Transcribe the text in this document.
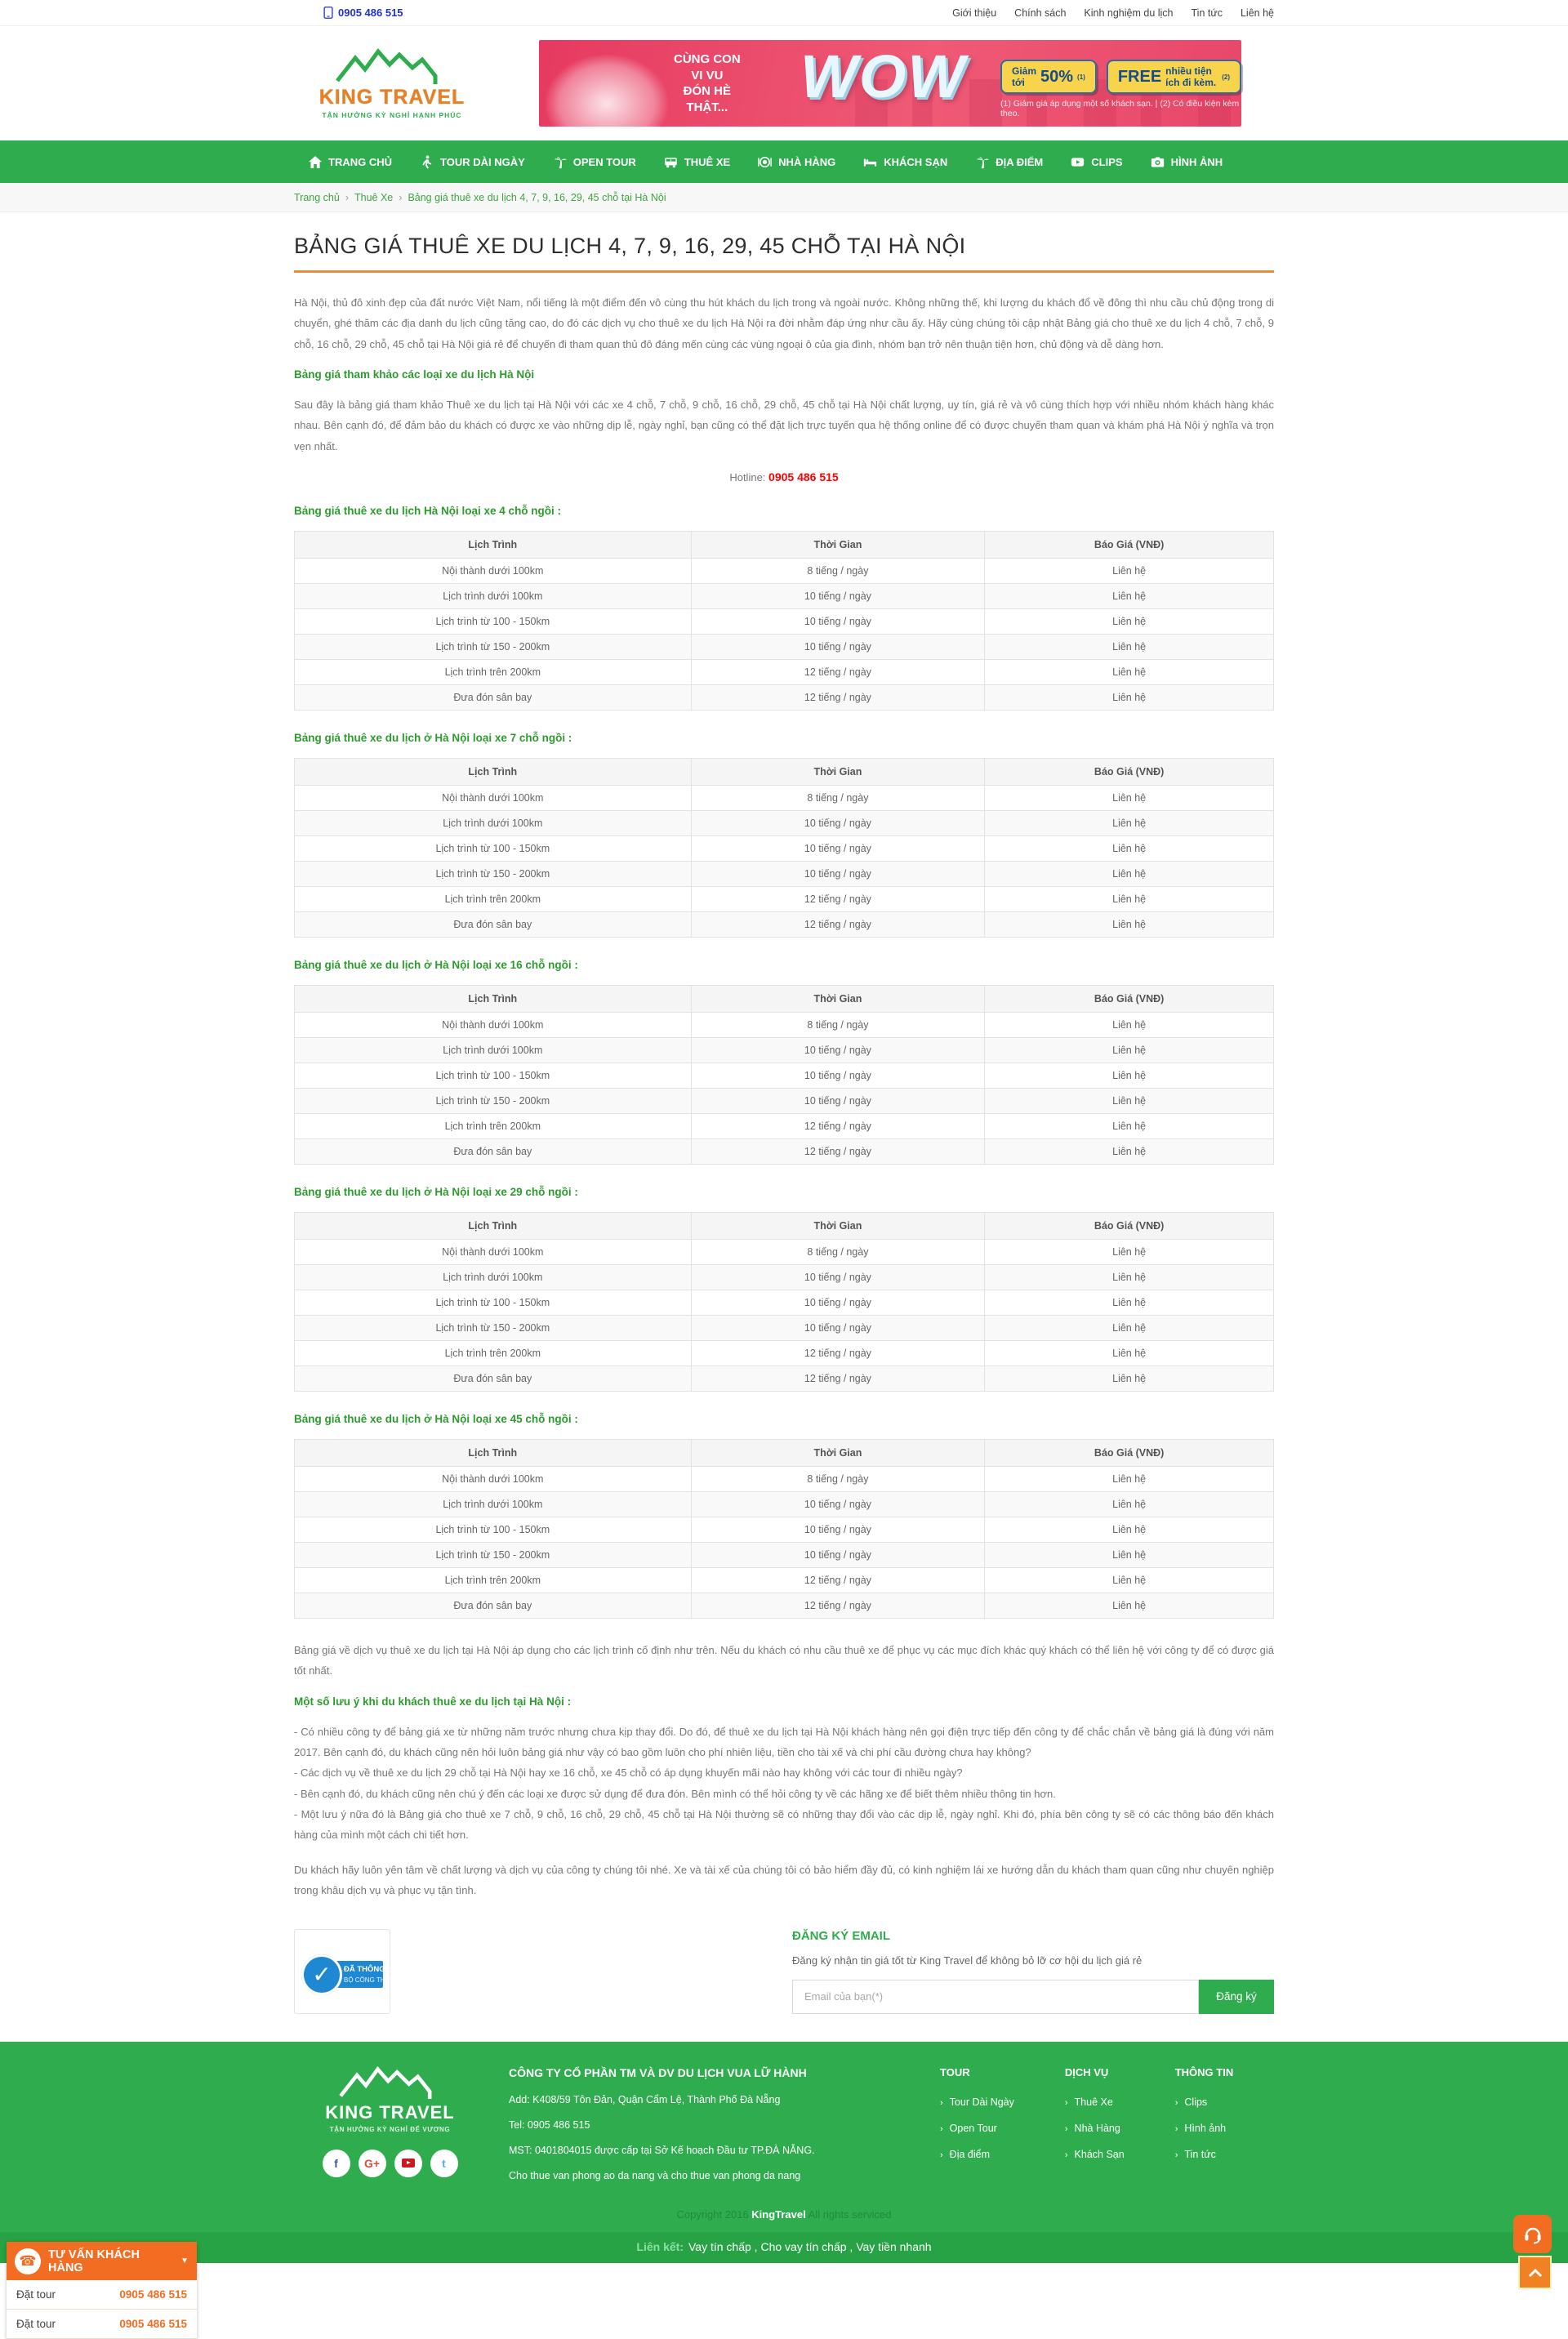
0905 486 515	Giới thiệu Chính sách Kinh nghiệm du lịch Tin tức Liên hệ
KING TRAVEL
TẬN HƯỞNG KỲ NGHỈ HẠNH PHÚC
CÙNG CON
VI VU
ĐÓN HÈ
THẬT... WOW	Giảm tới 50% (1) FREE nhiều tiện ích đi kèm. (2)
(1) Giảm giá áp dụng một số khách sạn. | (2) Có điều kiện kèm theo.
TRANG CHỦ	TOUR DÀI NGÀY	OPEN TOUR	THUÊ XE	NHÀ HÀNG	KHÁCH SẠN	ĐỊA ĐIỂM	CLIPS	HÌNH ẢNH
Trang chủ › Thuê Xe › Bảng giá thuê xe du lịch 4, 7, 9, 16, 29, 45 chỗ tại Hà Nội
BẢNG GIÁ THUÊ XE DU LỊCH 4, 7, 9, 16, 29, 45 CHỖ TẠI HÀ NỘI

Hà Nội, thủ đô xinh đẹp của đất nước Việt Nam, nổi tiếng là một điểm đến vô cùng thu hút khách du lịch trong và ngoài nước. Không những thế, khi lượng du khách đổ về đông thì nhu cầu chủ động trong di chuyển, ghé thăm các địa danh du lịch cũng tăng cao, do đó các dịch vụ cho thuê xe du lịch Hà Nội ra đời nhằm đáp ứng như cầu ấy. Hãy cùng chúng tôi cập nhật Bảng giá cho thuê xe du lịch 4 chỗ, 7 chỗ, 9 chỗ, 16 chỗ, 29 chỗ, 45 chỗ tại Hà Nội giá rẻ để chuyến đi tham quan thủ đô đáng mến cùng các vùng ngoại ô của gia đình, nhóm bạn trở nên thuận tiện hơn, chủ động và dễ dàng hơn.

Bảng giá tham khảo các loại xe du lịch Hà Nội

Sau đây là bảng giá tham khảo Thuê xe du lịch tại Hà Nội với các xe 4 chỗ, 7 chỗ, 9 chỗ, 16 chỗ, 29 chỗ, 45 chỗ tại Hà Nội chất lượng, uy tín, giá rẻ và vô cùng thích hợp với nhiều nhóm khách hàng khác nhau. Bên cạnh đó, để đảm bảo du khách có được xe vào những dịp lễ, ngày nghỉ, bạn cũng có thể đặt lịch trực tuyến qua hệ thống online để có được chuyến tham quan và khám phá Hà Nội ý nghĩa và trọn vẹn nhất.

Hotline: 0905 486 515

Bảng giá thuê xe du lịch Hà Nội loại xe 4 chỗ ngồi :
Lịch Trình	Thời Gian	Báo Giá (VNĐ)
Nội thành dưới 100km	8 tiếng / ngày	Liên hệ
Lịch trình dưới 100km	10 tiếng / ngày	Liên hệ
Lịch trình từ 100 - 150km	10 tiếng / ngày	Liên hệ
Lịch trình từ 150 - 200km	10 tiếng / ngày	Liên hệ
Lịch trình trên 200km	12 tiếng / ngày	Liên hệ
Đưa đón sân bay	12 tiếng / ngày	Liên hệ
Bảng giá thuê xe du lịch ở Hà Nội loại xe 7 chỗ ngồi :
Lịch Trình	Thời Gian	Báo Giá (VNĐ)
Nội thành dưới 100km	8 tiếng / ngày	Liên hệ
Lịch trình dưới 100km	10 tiếng / ngày	Liên hệ
Lịch trình từ 100 - 150km	10 tiếng / ngày	Liên hệ
Lịch trình từ 150 - 200km	10 tiếng / ngày	Liên hệ
Lịch trình trên 200km	12 tiếng / ngày	Liên hệ
Đưa đón sân bay	12 tiếng / ngày	Liên hệ
Bảng giá thuê xe du lịch ở Hà Nội loại xe 16 chỗ ngồi :
Lịch Trình	Thời Gian	Báo Giá (VNĐ)
Nội thành dưới 100km	8 tiếng / ngày	Liên hệ
Lịch trình dưới 100km	10 tiếng / ngày	Liên hệ
Lịch trình từ 100 - 150km	10 tiếng / ngày	Liên hệ
Lịch trình từ 150 - 200km	10 tiếng / ngày	Liên hệ
Lịch trình trên 200km	12 tiếng / ngày	Liên hệ
Đưa đón sân bay	12 tiếng / ngày	Liên hệ
Bảng giá thuê xe du lịch ở Hà Nội loại xe 29 chỗ ngồi :
Lịch Trình	Thời Gian	Báo Giá (VNĐ)
Nội thành dưới 100km	8 tiếng / ngày	Liên hệ
Lịch trình dưới 100km	10 tiếng / ngày	Liên hệ
Lịch trình từ 100 - 150km	10 tiếng / ngày	Liên hệ
Lịch trình từ 150 - 200km	10 tiếng / ngày	Liên hệ
Lịch trình trên 200km	12 tiếng / ngày	Liên hệ
Đưa đón sân bay	12 tiếng / ngày	Liên hệ
Bảng giá thuê xe du lịch ở Hà Nội loại xe 45 chỗ ngồi :
Lịch Trình	Thời Gian	Báo Giá (VNĐ)
Nội thành dưới 100km	8 tiếng / ngày	Liên hệ
Lịch trình dưới 100km	10 tiếng / ngày	Liên hệ
Lịch trình từ 100 - 150km	10 tiếng / ngày	Liên hệ
Lịch trình từ 150 - 200km	10 tiếng / ngày	Liên hệ
Lịch trình trên 200km	12 tiếng / ngày	Liên hệ
Đưa đón sân bay	12 tiếng / ngày	Liên hệ

Bảng giá về dịch vụ thuê xe du lịch tại Hà Nội áp dụng cho các lịch trình cố định như trên. Nếu du khách có nhu cầu thuê xe để phục vụ các mục đích khác quý khách có thể liên hệ với công ty để có được giá tốt nhất.

Một số lưu ý khi du khách thuê xe du lịch tại Hà Nội :
- Có nhiều công ty để bảng giá xe từ những năm trước nhưng chưa kịp thay đổi. Do đó, để thuê xe du lịch tại Hà Nội khách hàng nên gọi điện trực tiếp đến công ty để chắc chắn về bảng giá là đúng với năm 2017. Bên cạnh đó, du khách cũng nên hỏi luôn bảng giá như vậy có bao gồm luôn cho phí nhiên liệu, tiền cho tài xế và chi phí cầu đường chưa hay không?
- Các dịch vụ về thuê xe du lịch 29 chỗ tại Hà Nội hay xe 16 chỗ, xe 45 chỗ có áp dụng khuyến mãi nào hay không với các tour đi nhiều ngày?
- Bên cạnh đó, du khách cũng nên chú ý đến các loại xe được sử dụng để đưa đón. Bên mình có thể hỏi công ty về các hãng xe để biết thêm nhiều thông tin hơn.
- Một lưu ý nữa đó là Bảng giá cho thuê xe 7 chỗ, 9 chỗ, 16 chỗ, 29 chỗ, 45 chỗ tại Hà Nội thường sẽ có những thay đổi vào các dịp lễ, ngày nghỉ. Khi đó, phía bên công ty sẽ có các thông báo đến khách hàng của mình một cách chi tiết hơn.

Du khách hãy luôn yên tâm về chất lượng và dịch vụ của công ty chúng tôi nhé. Xe và tài xế của chúng tôi có bảo hiểm đầy đủ, có kinh nghiệm lái xe hướng dẫn du khách tham quan cũng như chuyên nghiệp trong khâu dịch vụ và phục vụ tận tình.

✓	ĐÃ THÔNG BÁO
BỘ CÔNG THƯƠNG
ĐĂNG KÝ EMAIL
Đăng ký nhận tin giá tốt từ King Travel để không bỏ lỡ cơ hội du lịch giá rẻ
Email của bạn(*)
Đăng ký
KING TRAVEL
TẬN HƯỞNG KỲ NGHỈ ĐẾ VƯƠNG
f	G+	t
CÔNG TY CỔ PHẦN TM VÀ DV DU LỊCH VUA LỮ HÀNH
Add: K408/59 Tôn Đản, Quận Cẩm Lệ, Thành Phố Đà Nẵng
Tel: 0905 486 515
MST: 0401804015 được cấp tại Sở Kế hoạch Đầu tư TP.ĐÀ NẴNG.
Cho thue van phong ao da nang và cho thue van phong da nang
TOUR
› Tour Dài Ngày
› Open Tour
› Địa điểm
DỊCH VỤ
› Thuê Xe
› Nhà Hàng
› Khách Sạn
THÔNG TIN
› Clips
› Hình ảnh
› Tin tức
Copyright 2016 KingTravel All rights serviced
Liên kết: Vay tín chấp , Cho vay tín chấp , Vay tiền nhanh
☎ TƯ VẤN KHÁCH HÀNG	▼
Đặt tour	0905 486 515
Đặt tour	0905 486 515
